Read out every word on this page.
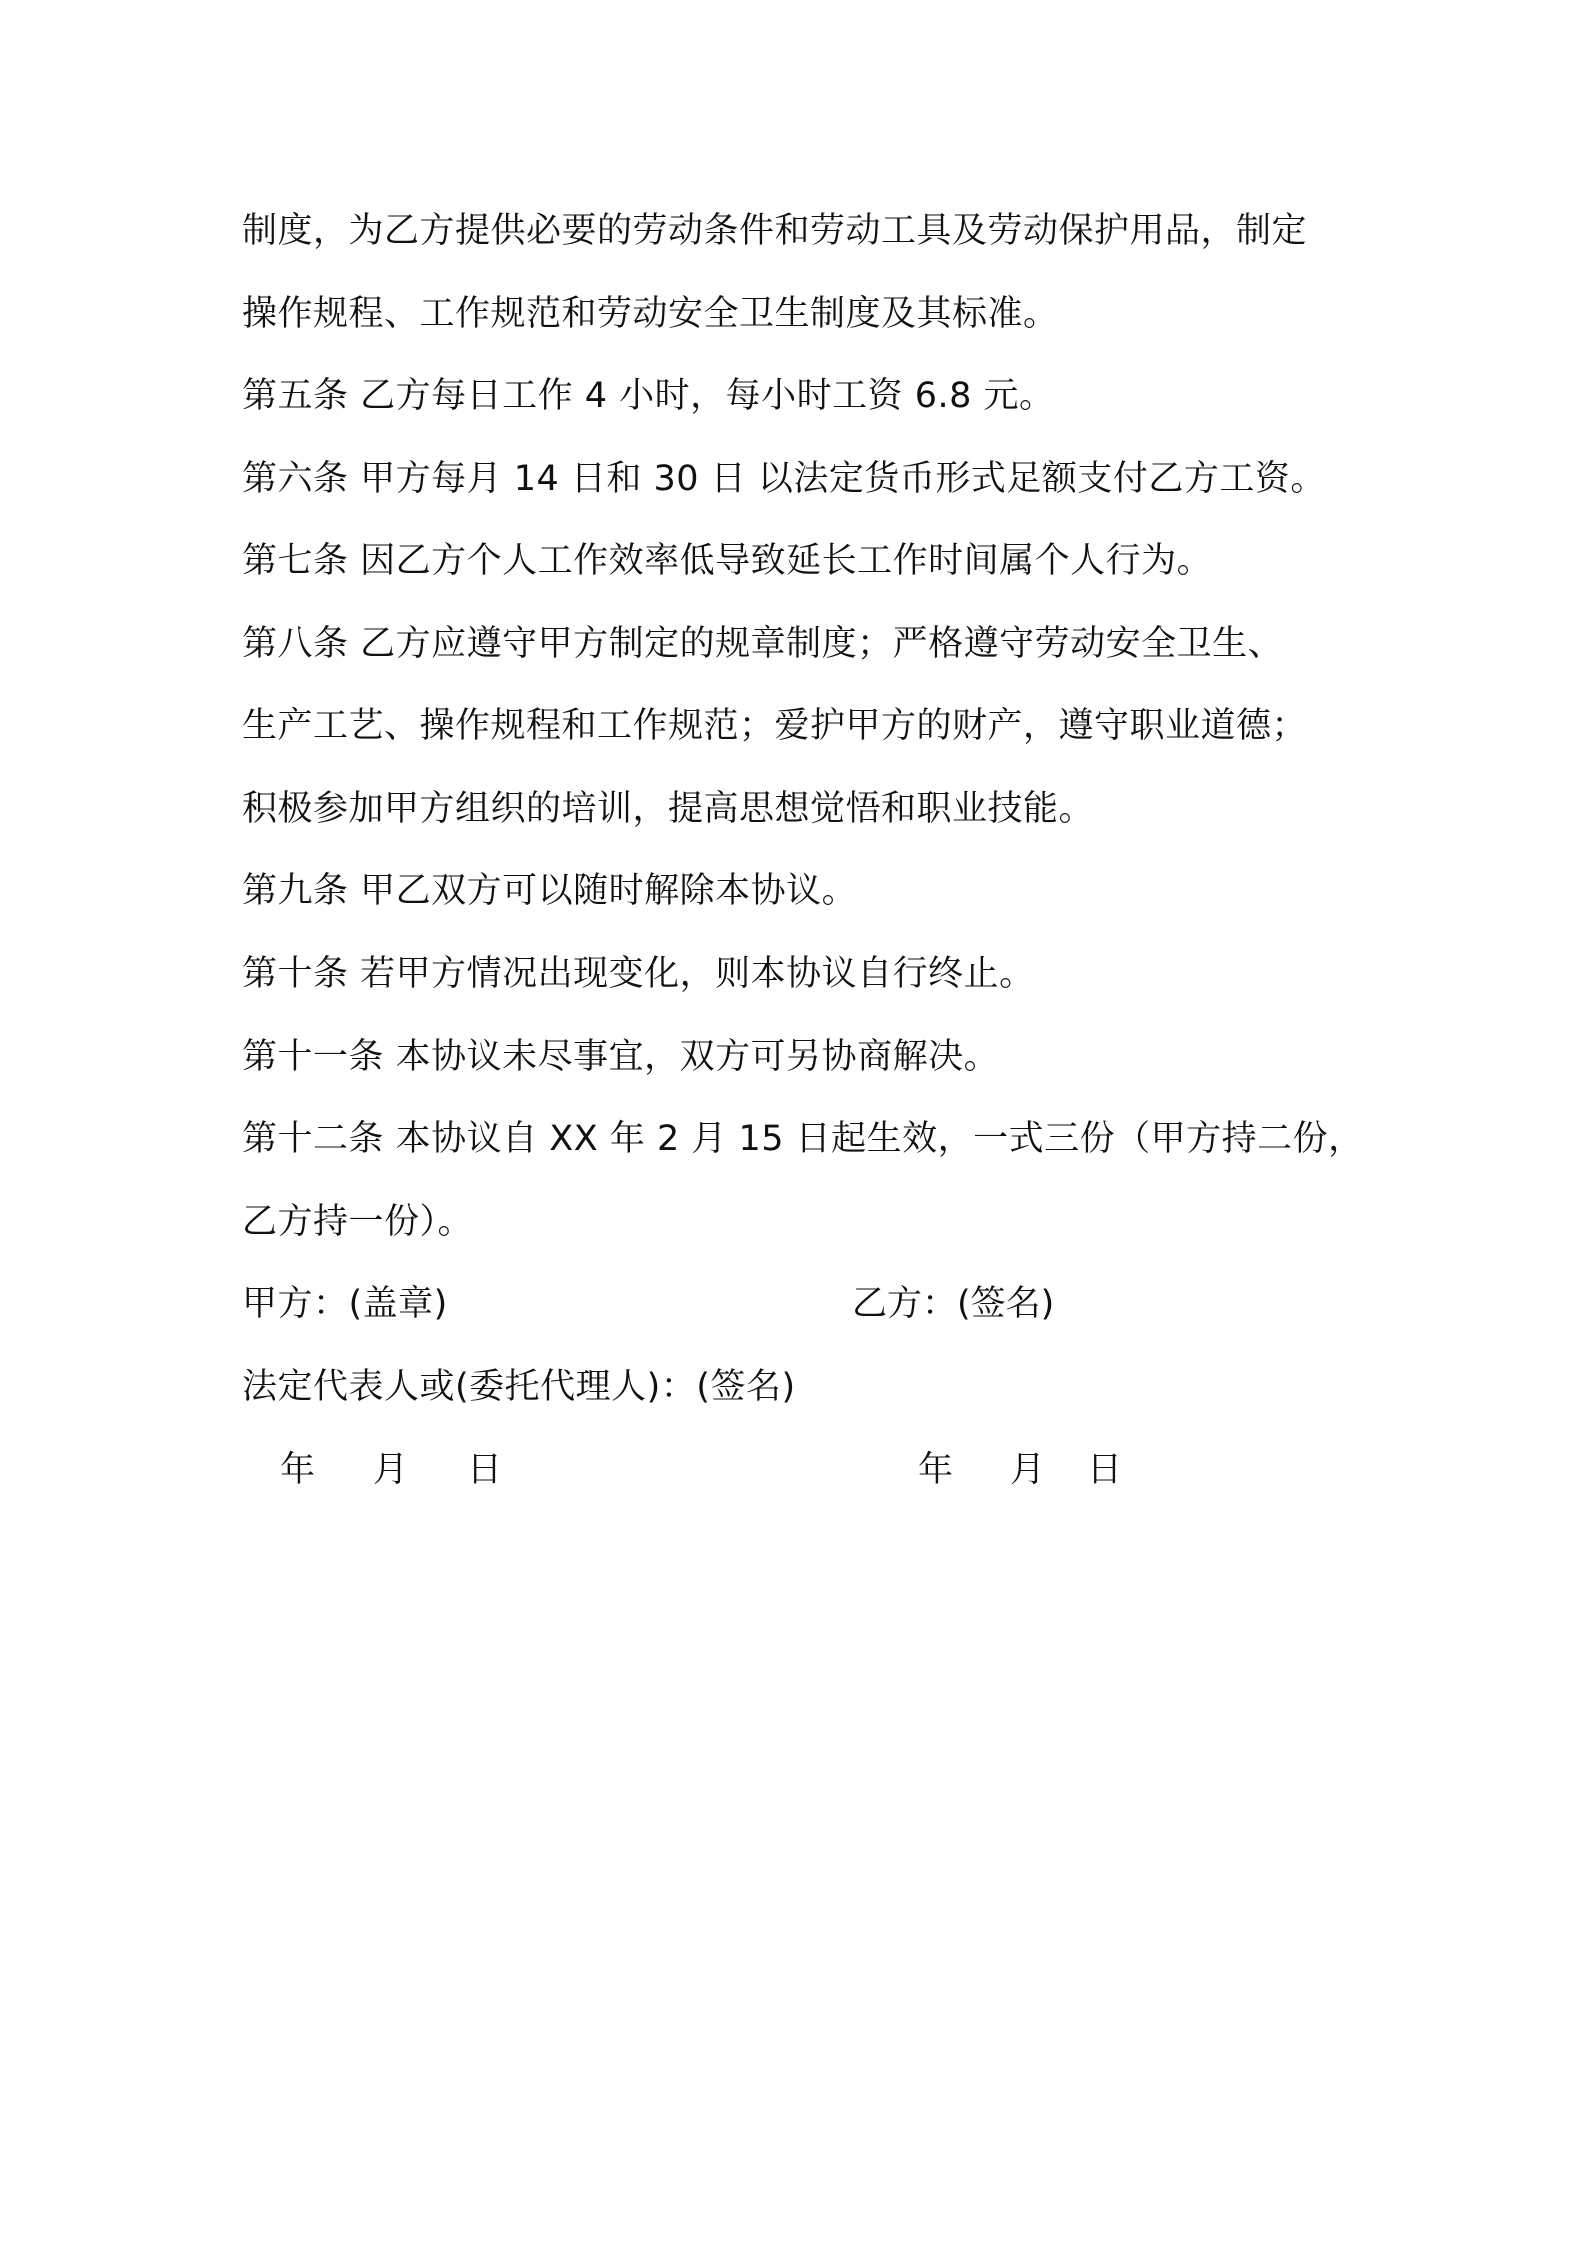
制度，为乙方提供必要的劳动条件和劳动工具及劳动保护用品，制定
操作规程、工作规范和劳动安全卫生制度及其标准。
第五条 乙方每日工作 4 小时，每小时工资 6.8 元。
第六条 甲方每月 14 日和 30 日 以法定货币形式足额支付乙方工资。
第七条 因乙方个人工作效率低导致延长工作时间属个人行为。
第八条 乙方应遵守甲方制定的规章制度；严格遵守劳动安全卫生、
生产工艺、操作规程和工作规范；爱护甲方的财产，遵守职业道德；
积极参加甲方组织的培训，提高思想觉悟和职业技能。
第九条 甲乙双方可以随时解除本协议。
第十条 若甲方情况出现变化，则本协议自行终止。
第十一条 本协议未尽事宜，双方可另协商解决。
第十二条 本协议自 XX 年 2 月 15 日起生效，一式三份（甲方持二份，
乙方持一份）。
甲方：(盖章)	乙方：(签名)
法定代表人或(委托代理人)：(签名)
年 月 日	年 月 日
